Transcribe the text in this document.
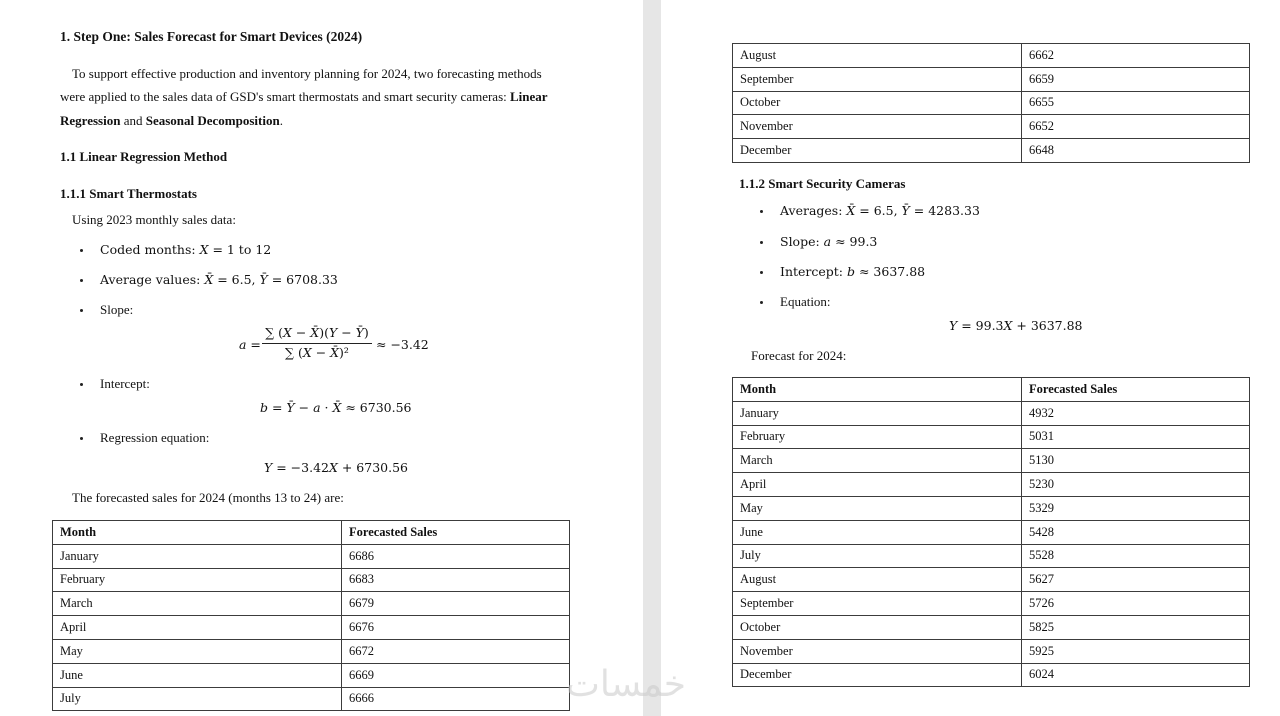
1. Step One: Sales Forecast for Smart Devices (2024)
To support effective production and inventory planning for 2024, two forecasting methods
were applied to the sales data of GSD's smart thermostats and smart security cameras: Linear
Regression and Seasonal Decomposition.
1.1 Linear Regression Method
1.1.1 Smart Thermostats
Using 2023 monthly sales data:
Coded months: 𝑋 = 1 to 12
Average values: 𝑋̄ = 6.5, 𝑌̄ = 6708.33
Slope:
𝑎 =
∑ (𝑋 − 𝑋̄)(𝑌 − 𝑌̄)
∑ (𝑋 − 𝑋̄)²
≈ −3.42
Intercept:
𝑏 = 𝑌̄ − 𝑎 · 𝑋̄ ≈ 6730.56
Regression equation:
𝑌 = −3.42𝑋 + 6730.56
The forecasted sales for 2024 (months 13 to 24) are:
Month	Forecasted Sales
January	6686
February	6683
March	6679
April	6676
May	6672
June	6669
July	6666
August	6662
September	6659
October	6655
November	6652
December	6648
1.1.2 Smart Security Cameras
Averages: 𝑋̄ = 6.5, 𝑌̄ = 4283.33
Slope: 𝑎 ≈ 99.3
Intercept: 𝑏 ≈ 3637.88
Equation:
𝑌 = 99.3𝑋 + 3637.88
Forecast for 2024:
Month	Forecasted Sales
January	4932
February	5031
March	5130
April	5230
May	5329
June	5428
July	5528
August	5627
September	5726
October	5825
November	5925
December	6024
خمسات
